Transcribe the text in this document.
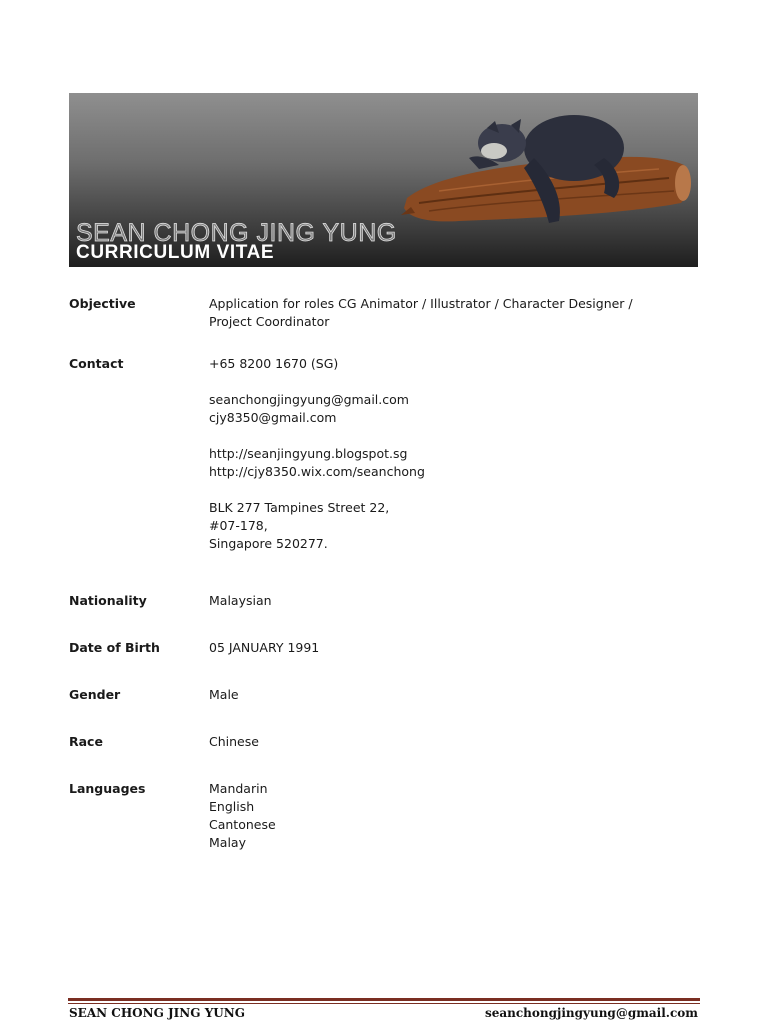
SEAN CHONG JING YUNG
CURRICULUM VITAE
Objective	Application for roles CG Animator / Illustrator / Character Designer /
Project Coordinator
Contact	+65 8200 1670 (SG)
seanchongjingyung@gmail.com
cjy8350@gmail.com
http://seanjingyung.blogspot.sg
http://cjy8350.wix.com/seanchong
BLK 277 Tampines Street 22,
#07-178,
Singapore 520277.
Nationality	Malaysian
Date of Birth	05 JANUARY 1991
Gender	Male
Race	Chinese
Languages	Mandarin
English
Cantonese
Malay
SEAN CHONG JING YUNG	seanchongjingyung@gmail.com
